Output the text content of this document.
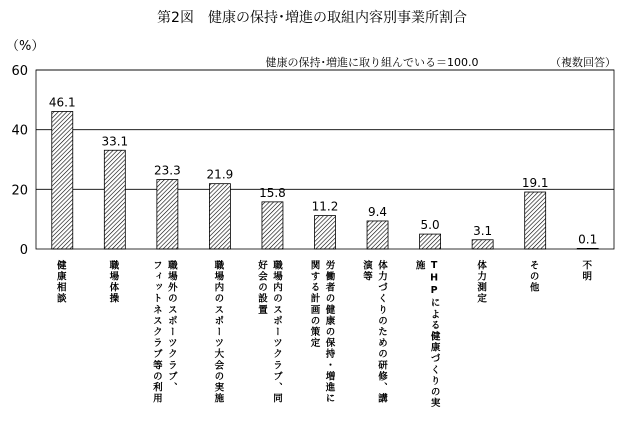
第2図　健康の保持･増進の取組内容別事業所割合
（%）
健康の保持･増進に取り組んでいる＝100.0	（複数回答）
0
20
40
60
46.1
33.1
23.3 21.9
15.8
11.2 9.4
5.0	3.1
19.1
0.1
健康相談	職場体操	職場外のスポーツクラブ、
フィットネスクラブ等の利用	職場内のスポーツ大会の実施	職場内のスポーツクラブ、同
好会の設置	労働者の健康の保持・増進に
関する計画の策定	体力づくりのための研修、講
演等	THPによる健康づくりの実
施	体力測定	その他	不明
